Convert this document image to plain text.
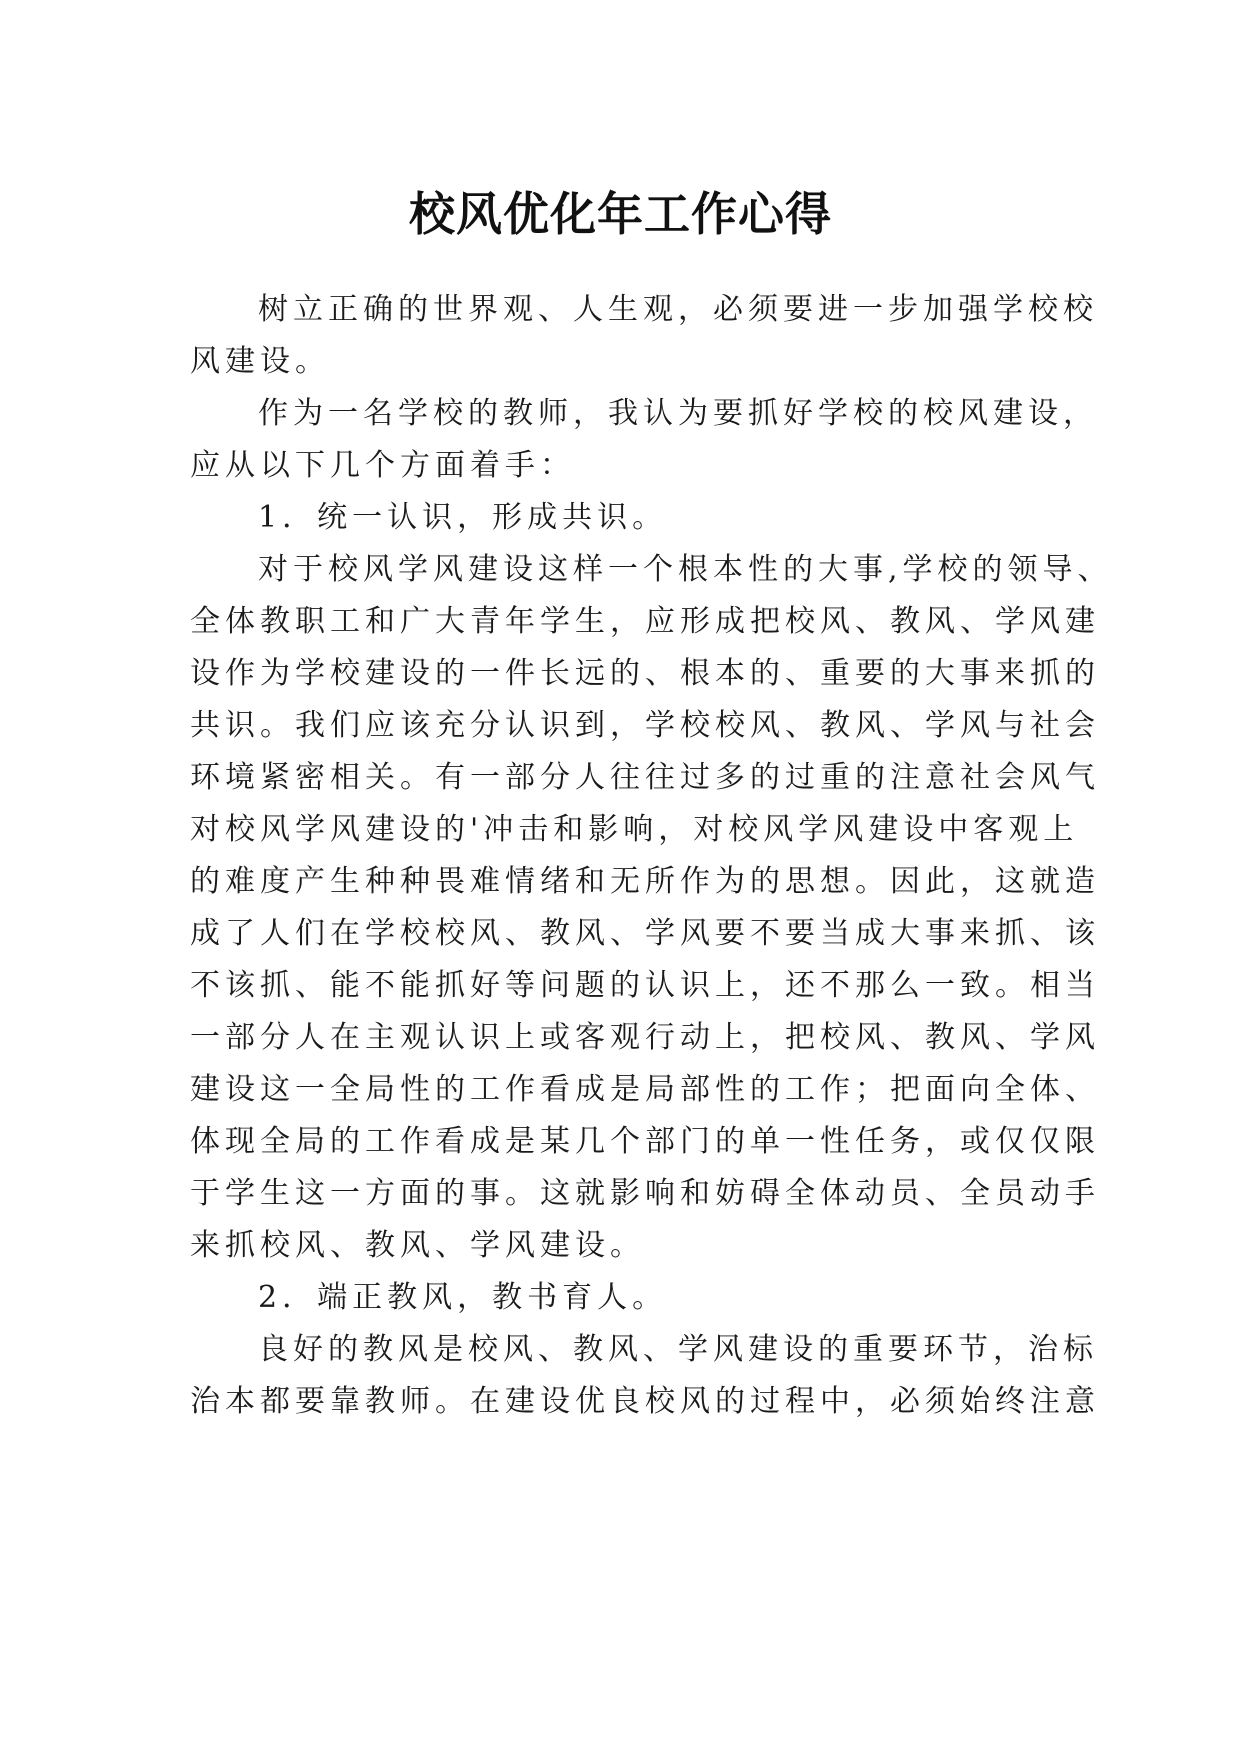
校风优化年工作心得

树立正确的世界观、人生观，必须要进一步加强学校校
风建设。

作为一名学校的教师，我认为要抓好学校的校风建设，
应从以下几个方面着手：

1．统一认识，形成共识。

对于校风学风建设这样一个根本性的大事,学校的领导、
全体教职工和广大青年学生，应形成把校风、教风、学风建
设作为学校建设的一件长远的、根本的、重要的大事来抓的
共识。我们应该充分认识到，学校校风、教风、学风与社会
环境紧密相关。有一部分人往往过多的过重的注意社会风气
对校风学风建设的'冲击和影响，对校风学风建设中客观上
的难度产生种种畏难情绪和无所作为的思想。因此，这就造
成了人们在学校校风、教风、学风要不要当成大事来抓、该
不该抓、能不能抓好等问题的认识上，还不那么一致。相当
一部分人在主观认识上或客观行动上，把校风、教风、学风
建设这一全局性的工作看成是局部性的工作；把面向全体、
体现全局的工作看成是某几个部门的单一性任务，或仅仅限
于学生这一方面的事。这就影响和妨碍全体动员、全员动手
来抓校风、教风、学风建设。

2．端正教风，教书育人。

良好的教风是校风、教风、学风建设的重要环节，治标
治本都要靠教师。在建设优良校风的过程中，必须始终注意
